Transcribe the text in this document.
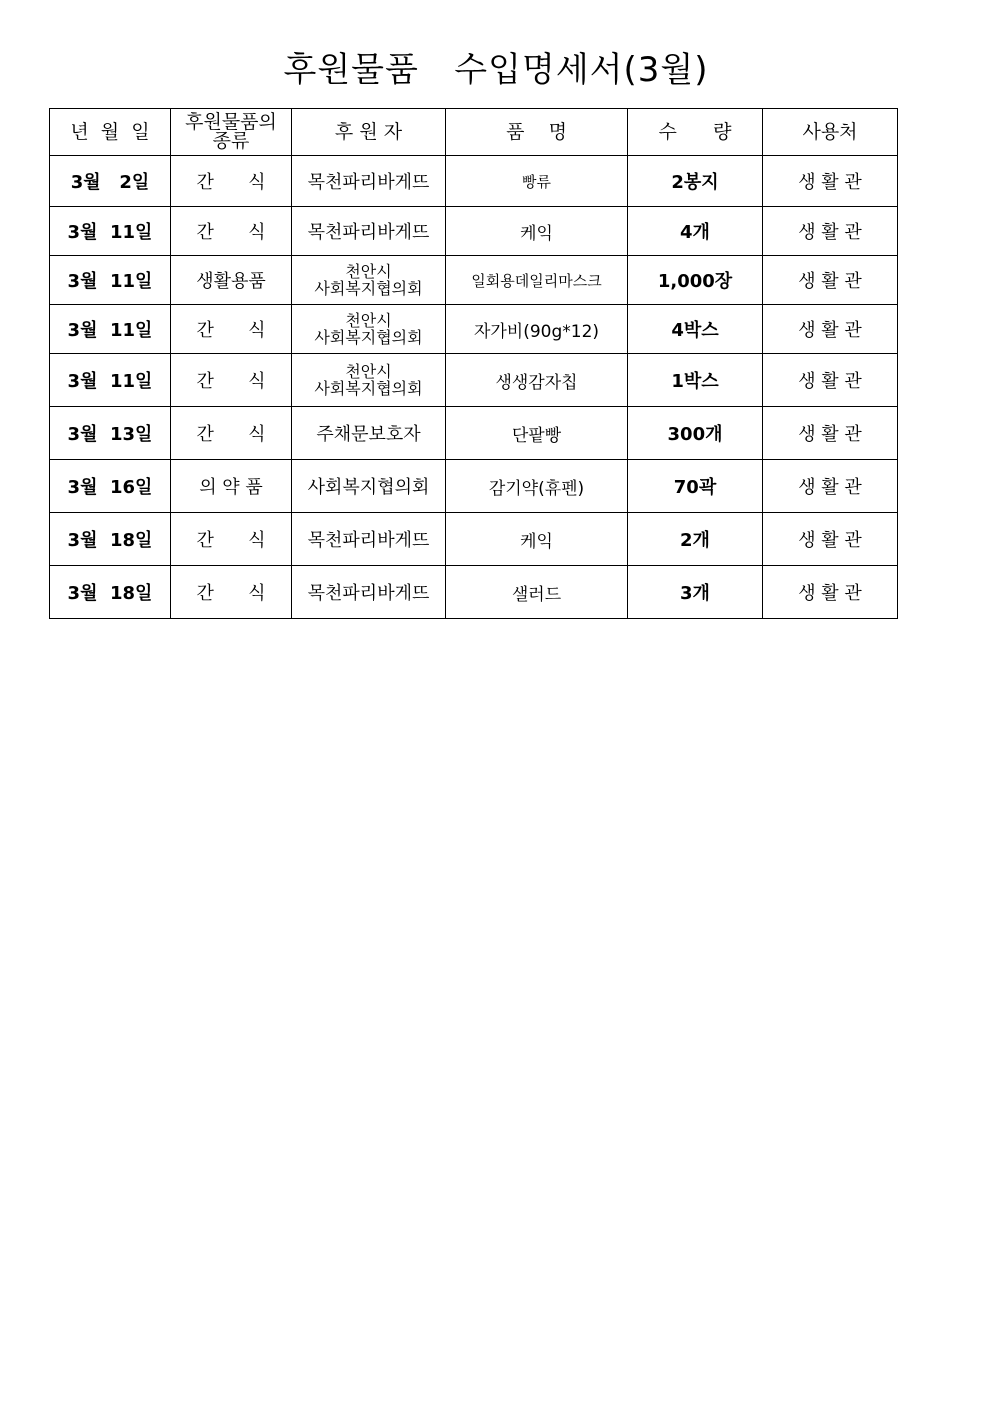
후원물품   수입명세서(3월)
년  월  일	후원물품의
종류	후 원 자	품    명	수      량	사용처
3월   2일	간      식	목천파리바게뜨	빵류	2봉지	생 활 관
3월  11일	간      식	목천파리바게뜨	케익	4개	생 활 관
3월  11일	생활용품	천안시
사회복지협의회	일회용데일리마스크	1,000장	생 활 관
3월  11일	간      식	천안시
사회복지협의회	자가비(90g*12)	4박스	생 활 관
3월  11일	간      식	천안시
사회복지협의회	생생감자칩	1박스	생 활 관
3월  13일	간      식	주채문보호자	단팥빵	300개	생 활 관
3월  16일	의 약 품	사회복지협의회	감기약(휴펜)	70곽	생 활 관
3월  18일	간      식	목천파리바게뜨	케익	2개	생 활 관
3월  18일	간      식	목천파리바게뜨	샐러드	3개	생 활 관
